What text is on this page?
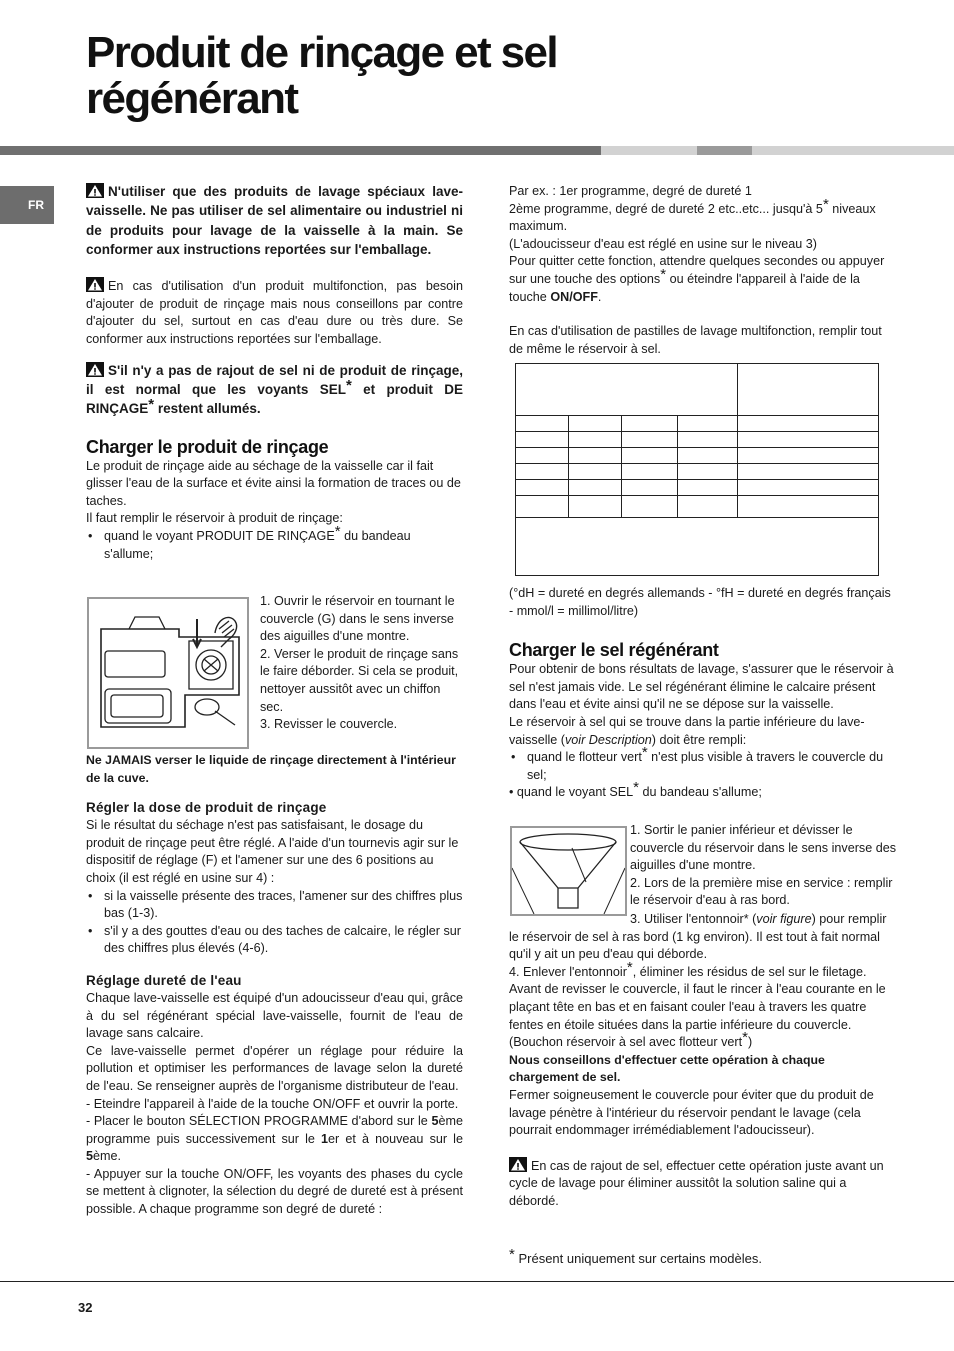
Produit de rinçage et sel
régénérant
FR

N'utiliser que des produits de lavage spéciaux lave-vaisselle. Ne pas utiliser de sel alimentaire ou industriel ni de produits pour lavage de la vaisselle à la main. Se conformer aux instructions reportées sur l'emballage.

En cas d'utilisation d'un produit multifonction, pas besoin d'ajouter de produit de rinçage mais nous conseillons par contre d'ajouter du sel, surtout en cas d'eau dure ou très dure. Se conformer aux instructions reportées sur l'emballage.

S'il n'y a pas de rajout de sel ni de produit de rinçage, il est normal que les voyants SEL* et produit DE RINÇAGE* restent allumés.

Charger le produit de rinçage

Le produit de rinçage aide au séchage de la vaisselle car il fait glisser l'eau de la surface et évite ainsi la formation de traces ou de taches.

Il faut remplir le réservoir à produit de rinçage:

• quand le voyant PRODUIT DE RINÇAGE* du bandeau s'allume;

1. Ouvrir le réservoir en tournant le couvercle (G) dans le sens inverse des aiguilles d'une montre.

2. Verser le produit de rinçage sans le faire déborder. Si cela se produit, nettoyer aussitôt avec un chiffon sec.

3. Revisser le couvercle.

Ne JAMAIS verser le liquide de rinçage directement à l'intérieur de la cuve.

Régler la dose de produit de rinçage

Si le résultat du séchage n'est pas satisfaisant, le dosage du produit de rinçage peut être réglé. A l'aide d'un tournevis agir sur le dispositif de réglage (F) et l'amener sur une des 6 positions au choix (il est réglé en usine sur 4) :

• si la vaisselle présente des traces, l'amener sur des chiffres plus bas (1-3).
• s'il y a des gouttes d'eau ou des taches de calcaire, le régler sur des chiffres plus élevés (4-6).
Réglage dureté de l'eau

Chaque lave-vaisselle est équipé d'un adoucisseur d'eau qui, grâce à du sel régénérant spécial lave-vaisselle, fournit de l'eau de lavage sans calcaire.

Ce lave-vaisselle permet d'opérer un réglage pour réduire la pollution et optimiser les performances de lavage selon la dureté de l'eau. Se renseigner auprès de l'organisme distributeur de l'eau.

- Eteindre l'appareil à l'aide de la touche ON/OFF et ouvrir la porte.

- Placer le bouton SÉLECTION PROGRAMME d'abord sur le 5ème programme puis successivement sur le 1er et à nouveau sur le 5ème.

- Appuyer sur la touche ON/OFF, les voyants des phases du cycle se mettent à clignoter, la sélection du degré de dureté est à présent possible. A chaque programme son degré de dureté :

Par ex. : 1er programme, degré de dureté 1

2ème programme, degré de dureté 2 etc..etc... jusqu'à 5* niveaux maximum.

(L'adoucisseur d'eau est réglé en usine sur le niveau 3)

Pour quitter cette fonction, attendre quelques secondes ou appuyer sur une touche des options* ou éteindre l'appareil à l'aide de la touche ON/OFF.

En cas d'utilisation de pastilles de lavage multifonction, remplir tout de même le réservoir à sel.

(°dH = dureté en degrés allemands - °fH = dureté en degrés français - mmol/l = millimol/litre)

Charger le sel régénérant

Pour obtenir de bons résultats de lavage, s'assurer que le réservoir à sel n'est jamais vide. Le sel régénérant élimine le calcaire présent dans l'eau et évite ainsi qu'il ne se dépose sur la vaisselle.

Le réservoir à sel qui se trouve dans la partie inférieure du lave-vaisselle (voir Description) doit être rempli:

• quand le flotteur vert* n'est plus visible à travers le couvercle du sel;

• quand le voyant SEL* du bandeau s'allume;

1. Sortir le panier inférieur et dévisser le couvercle du réservoir dans le sens inverse des aiguilles d'une montre.

2. Lors de la première mise en service : remplir le réservoir d'eau à ras bord.

3. Utiliser l'entonnoir* (voir figure) pour remplir le réservoir de sel à ras bord (1 kg environ). Il est tout à fait normal qu'il y ait un peu d'eau qui déborde.

4. Enlever l'entonnoir*, éliminer les résidus de sel sur le filetage. Avant de revisser le couvercle, il faut le rincer à l'eau courante en le plaçant tête en bas et en faisant couler l'eau à travers les quatre fentes en étoile situées dans la partie inférieure du couvercle. (Bouchon réservoir à sel avec flotteur vert*)

Nous conseillons d'effectuer cette opération à chaque chargement de sel.

Fermer soigneusement le couvercle pour éviter que du produit de lavage pénètre à l'intérieur du réservoir pendant le lavage (cela pourrait endommager irrémédiablement l'adoucisseur).

En cas de rajout de sel, effectuer cette opération juste avant un cycle de lavage pour éliminer aussitôt la solution saline qui a débordé.

* Présent uniquement sur certains modèles.
32
